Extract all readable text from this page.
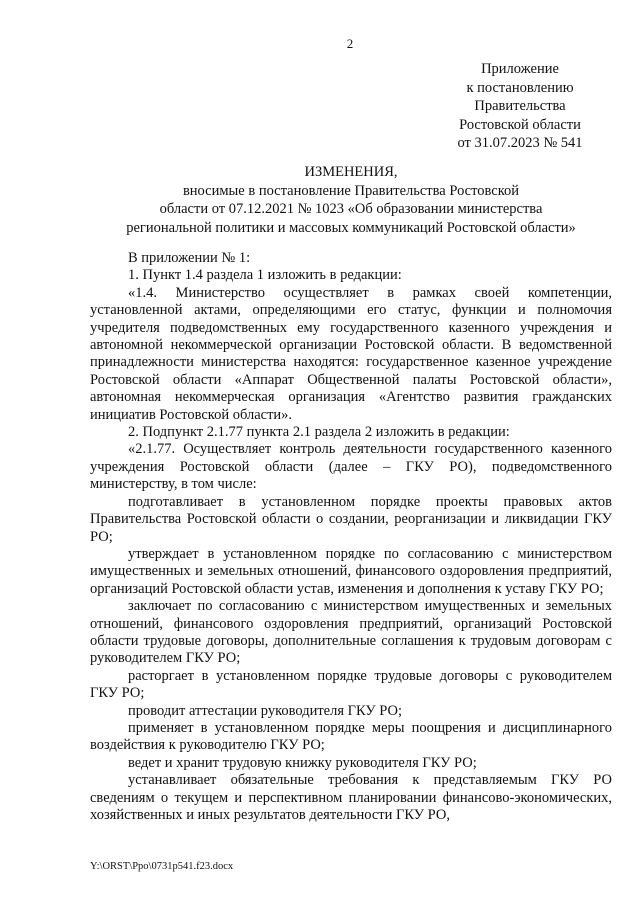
2
Приложение
к постановлению
Правительства
Ростовской области
от 31.07.2023 № 541
ИЗМЕНЕНИЯ,
вносимые в постановление Правительства Ростовской
области от 07.12.2021 № 1023 «Об образовании министерства
региональной политики и массовых коммуникаций Ростовской области»

В приложении № 1:

1. Пункт 1.4 раздела 1 изложить в редакции:

«1.4. Министерство осуществляет в рамках своей компетенции, установленной актами, определяющими его статус, функции и полномочия учредителя подведомственных ему государственного казенного учреждения и автономной некоммерческой организации Ростовской области. В ведомственной принадлежности министерства находятся: государственное казенное учреждение Ростовской области «Аппарат Общественной палаты Ростовской области», автономная некоммерческая организация «Агентство развития гражданских инициатив Ростовской области».

2. Подпункт 2.1.77 пункта 2.1 раздела 2 изложить в редакции:

«2.1.77. Осуществляет контроль деятельности государственного казенного учреждения Ростовской области (далее – ГКУ РО), подведомственного министерству, в том числе:

подготавливает в установленном порядке проекты правовых актов Правительства Ростовской области о создании, реорганизации и ликвидации ГКУ РО;

утверждает в установленном порядке по согласованию с министерством имущественных и земельных отношений, финансового оздоровления предприятий, организаций Ростовской области устав, изменения и дополнения к уставу ГКУ РО;

заключает по согласованию с министерством имущественных и земельных отношений, финансового оздоровления предприятий, организаций Ростовской области трудовые договоры, дополнительные соглашения к трудовым договорам с руководителем ГКУ РО;

расторгает в установленном порядке трудовые договоры с руководителем ГКУ РО;

проводит аттестации руководителя ГКУ РО;

применяет в установленном порядке меры поощрения и дисциплинарного воздействия к руководителю ГКУ РО;

ведет и хранит трудовую книжку руководителя ГКУ РО;

устанавливает обязательные требования к представляемым ГКУ РО сведениям о текущем и перспективном планировании финансово-экономических, хозяйственных и иных результатов деятельности ГКУ РО,

Y:\ORST\Ppo\0731p541.f23.docx
